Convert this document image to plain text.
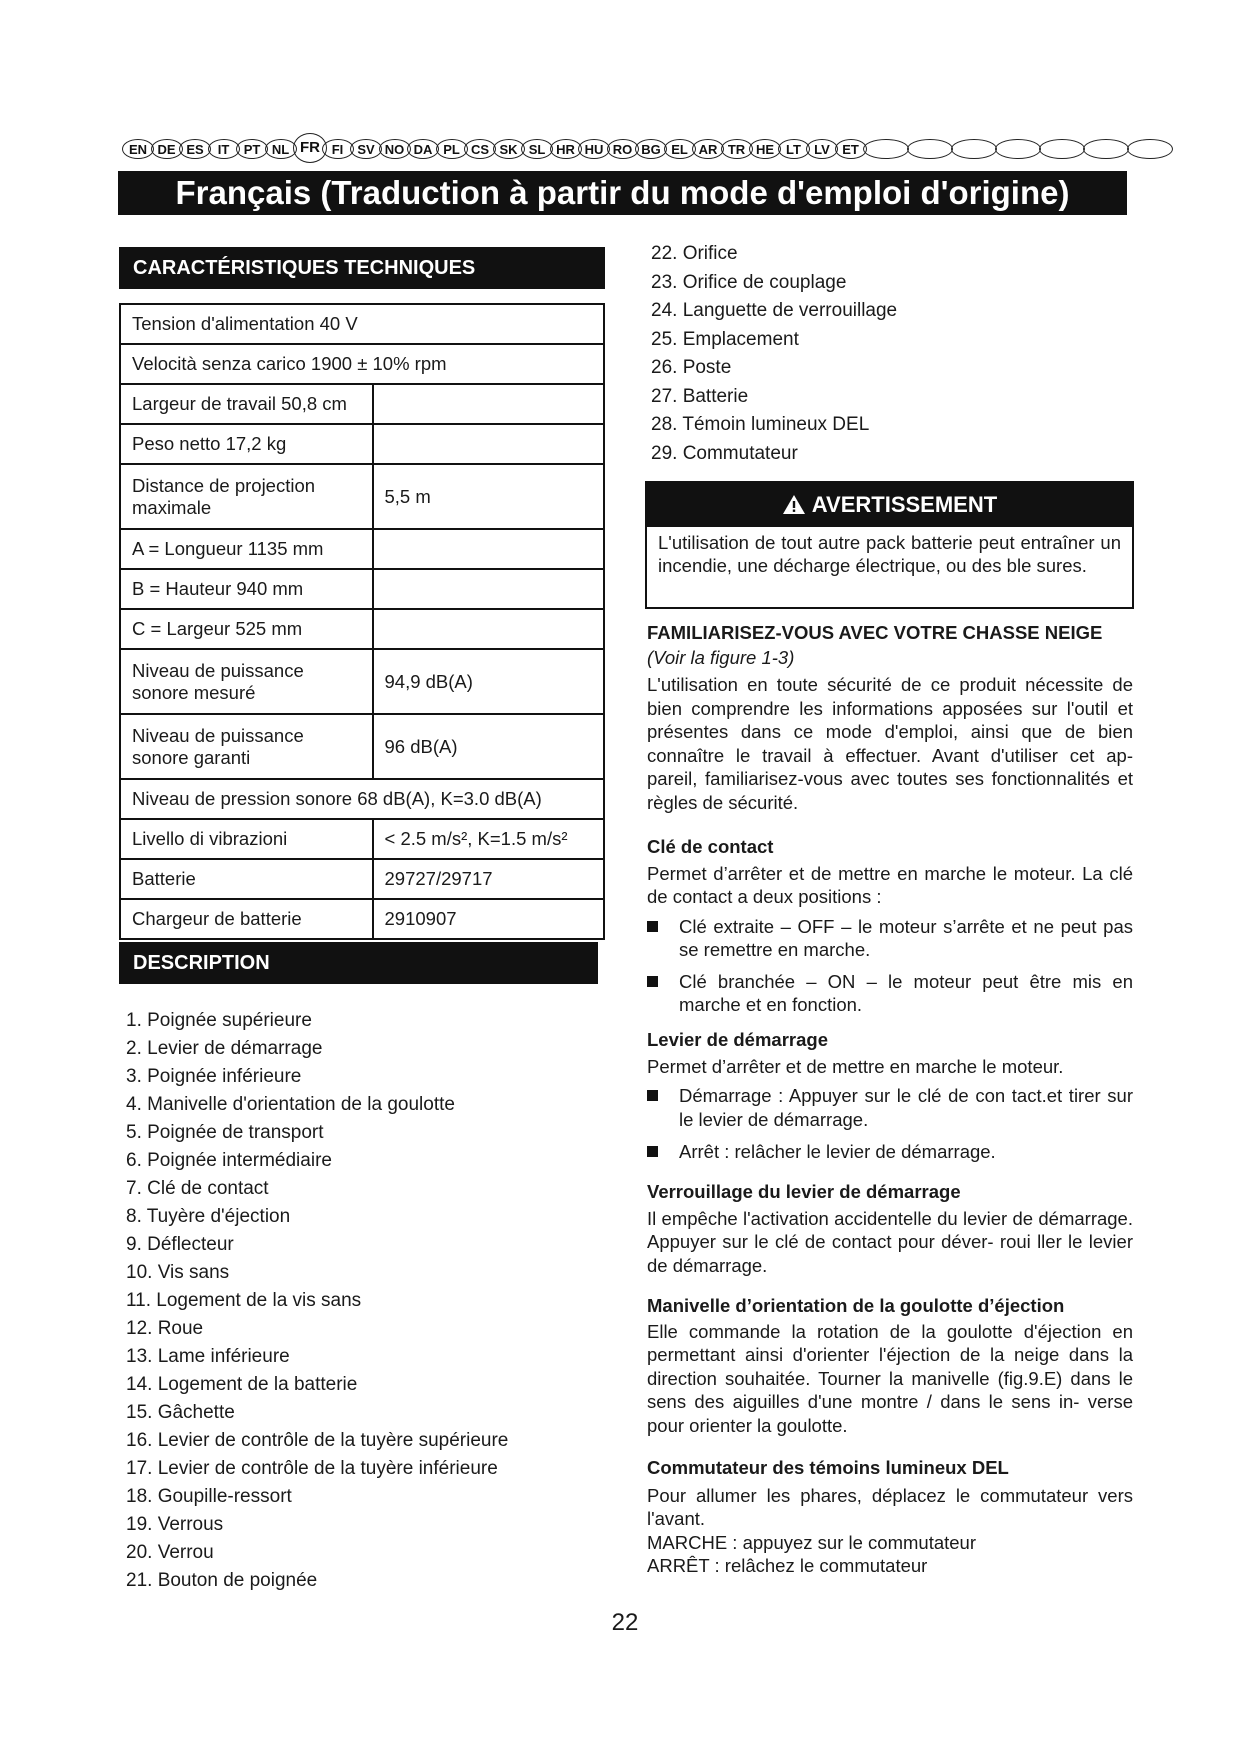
EN DE ES	IT	PT NL FR FI	SV NO DA PL CS SK SL HR HU RO BG EL AR TR HE LT	LV ET
Français (Traduction à partir du mode d'emploi d'origine)
CARACTÉRISTIQUES TECHNIQUES
Tension d'alimentation 40 V	
Velocità senza carico 1900 ± 10% rpm	
Largeur de travail 50,8 cm	
Peso netto 17,2 kg	
Distance de projection maximale	5,5 m
A = Longueur 1135 mm	
B = Hauteur 940 mm	
C = Largeur 525 mm	
Niveau de puissance sonore mesuré	94,9 dB(A)
Niveau de puissance sonore garanti	96 dB(A)
Niveau de pression sonore 68 dB(A), K=3.0 dB(A)	
Livello di vibrazioni	< 2.5 m/s², K=1.5 m/s²
Batterie	29727/29717
Chargeur de batterie	2910907
DESCRIPTION
1. Poignée supérieure
2. Levier de démarrage
3. Poignée inférieure
4. Manivelle d'orientation de la goulotte
5. Poignée de transport
6. Poignée intermédiaire
7. Clé de contact
8. Tuyère d'éjection
9. Déflecteur
10. Vis sans
11. Logement de la vis sans
12. Roue
13. Lame inférieure
14. Logement de la batterie
15. Gâchette
16. Levier de contrôle de la tuyère supérieure
17. Levier de contrôle de la tuyère inférieure
18. Goupille-ressort
19. Verrous
20. Verrou
21. Bouton de poignée
22. Orifice
23. Orifice de couplage
24. Languette de verrouillage
25. Emplacement
26. Poste
27. Batterie
28. Témoin lumineux DEL
29. Commutateur
AVERTISSEMENT
L'utilisation de tout autre pack batterie peut entraîner un incendie, une décharge électrique, ou des ble sures.
FAMILIARISEZ-VOUS AVEC VOTRE CHASSE NEIGE  (Voir la figure 1-3)
L'utilisation en toute sécurité de ce produit nécessite de bien comprendre les informations apposées sur l'outil et présentes dans ce mode d'emploi, ainsi que de bien connaître le travail à effectuer. Avant d'utiliser cet ap- pareil, familiarisez-vous avec toutes ses fonctionnalités et règles de sécurité.
Clé de contact
Permet d’arrêter et de mettre en marche le moteur. La clé de contact a deux positions :
Clé extraite – OFF – le moteur s’arrête et ne peut pas se remettre en marche.
Clé branchée – ON – le moteur peut être mis en marche et en fonction.
Levier de démarrage
Permet d’arrêter et de mettre en marche le moteur.
Démarrage : Appuyer sur le clé de con tact.et tirer sur le levier de démarrage.
Arrêt : relâcher le levier de démarrage.
Verrouillage du levier de démarrage
Il empêche l'activation accidentelle du levier de démarrage. Appuyer sur le clé de contact pour déver- roui ller le levier de démarrage.
Manivelle d’orientation de la goulotte d’éjection
Elle commande la rotation de la goulotte d'éjection en permettant ainsi d'orienter l'éjection de la neige dans la direction souhaitée. Tourner la manivelle (fig.9.E) dans le sens des aiguilles d'une montre / dans le sens in- verse pour orienter la goulotte.
Commutateur des témoins lumineux DEL
Pour allumer les phares, déplacez le commutateur vers l'avant.
MARCHE : appuyez sur le commutateur
ARRÊT : relâchez le commutateur
22
